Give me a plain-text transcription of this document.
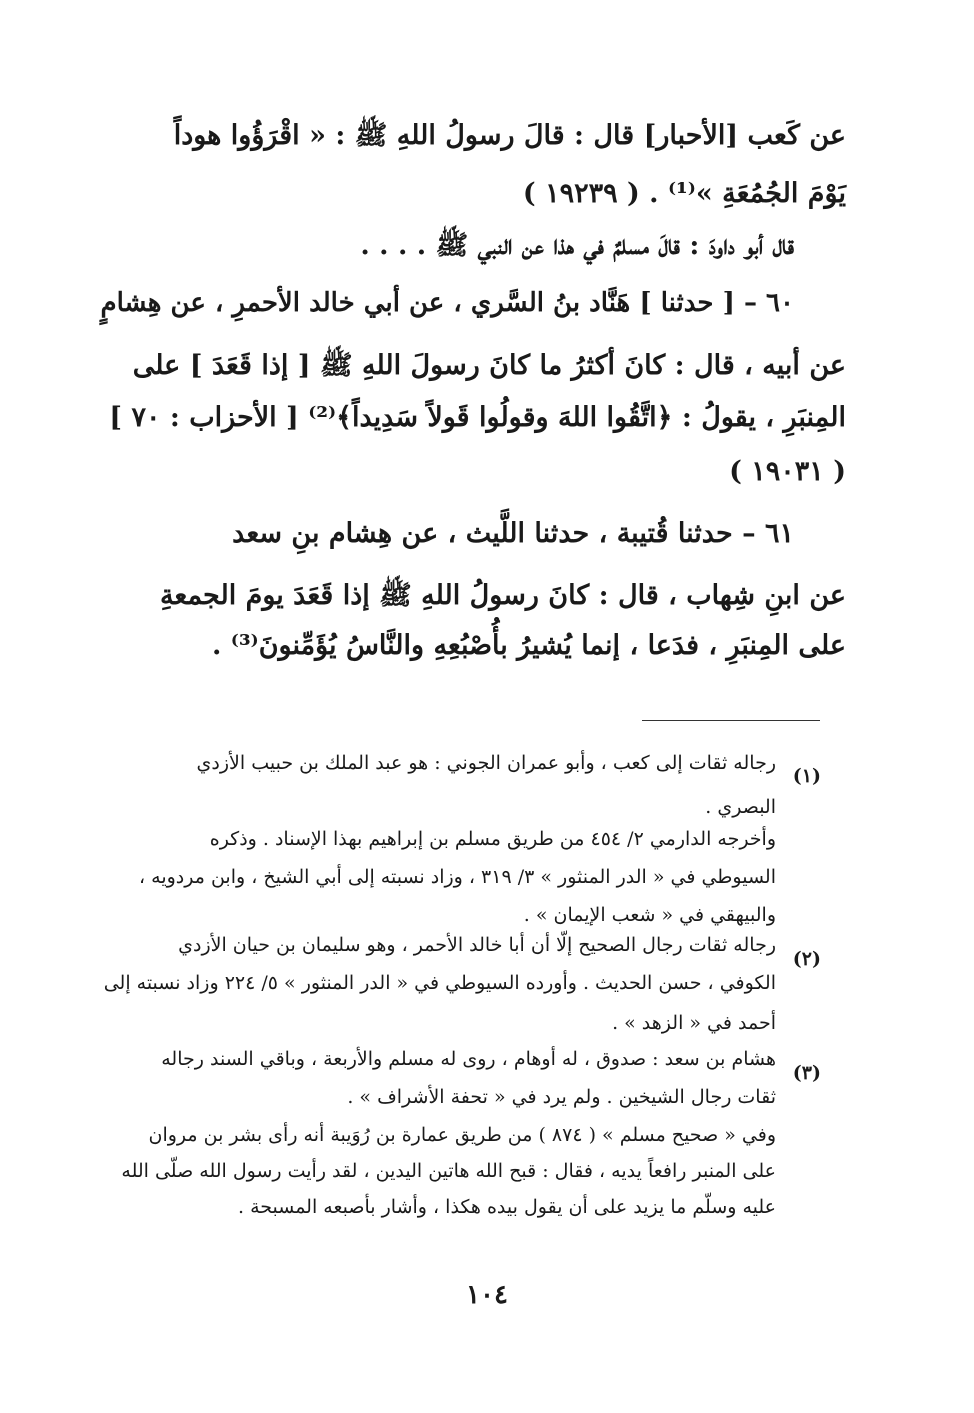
عن كَعب [الأحبار] قال : قالَ رسولُ اللهِ ﷺ : « اقْرَؤُوا هوداً
يَوْمَ الجُمُعَةِ »⁽¹⁾ . ( ١٩٢٣٩ )
قال أبو داودَ : قالَ مسلمٌ في هذا عن النبي ﷺ . . . .
٦٠ – [ حدثنا ] هَنَّاد بنُ السَّري ، عن أبي خالد الأحمرِ ، عن هِشامٍ
عن أبيه ، قال : كانَ أكثرُ ما كانَ رسولَ اللهِ ﷺ [ إذا قَعَدَ ] على
المِنبَرِ ، يقولُ : ﴿اتَّقُوا اللهَ وقولُوا قَولاً سَدِيداً﴾⁽²⁾ [ الأحزاب : ٧٠ ]
( ١٩٠٣١ )
٦١ – حدثنا قُتيبة ، حدثنا اللَّيث ، عن هِشام بنِ سعد
عن ابنِ شِهاب ، قال : كانَ رسولُ اللهِ ﷺ إذا قَعَدَ يومَ الجمعةِ
على المِنبَرِ ، فدَعا ، إنما يُشيرُ بأُصْبُعِهِ والنَّاسُ يُؤَمِّنونَ⁽³⁾ .
(١)
رجاله ثقات إلى كعب ، وأبو عمران الجوني : هو عبد الملك بن حبيب الأزدي
البصري .
وأخرجه الدارمي ٢/ ٤٥٤ من طريق مسلم بن إبراهيم بهذا الإسناد . وذكره
السيوطي في « الدر المنثور » ٣/ ٣١٩ ، وزاد نسبته إلى أبي الشيخ ، وابن مردويه ،
والبيهقي في « شعب الإيمان » .
(٢)
رجاله ثقات رجال الصحيح إلّا أن أبا خالد الأحمر ، وهو سليمان بن حيان الأزدي
الكوفي ، حسن الحديث . وأورده السيوطي في « الدر المنثور » ٥/ ٢٢٤ وزاد نسبته إلى
أحمد في « الزهد » .
(٣)
هشام بن سعد : صدوق ، له أوهام ، روى له مسلم والأربعة ، وباقي السند رجاله
ثقات رجال الشيخين . ولم يرد في « تحفة الأشراف » .
وفي « صحيح مسلم » ( ٨٧٤ ) من طريق عمارة بن رُوَيبة أنه رأى بشر بن مروان
على المنبر رافعاً يديه ، فقال : قبح الله هاتين اليدين ، لقد رأيت رسول الله صلّى الله
عليه وسلّم ما يزيد على أن يقول بيده هكذا ، وأشار بأصبعه المسبحة .
١٠٤
